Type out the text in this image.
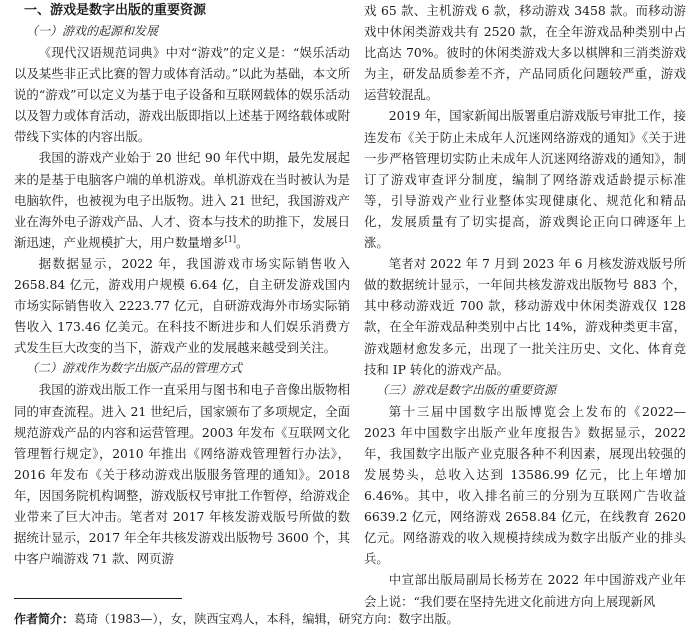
一、游戏是数字出版的重要资源
（一）游戏的起源和发展

《现代汉语规范词典》中对“游戏”的定义是：“娱乐活动以及某些非正式比赛的智力或体育活动。”以此为基础，本文所说的“游戏”可以定义为基于电子设备和互联网载体的娱乐活动以及智力或体育活动，游戏出版即指以上述基于网络载体或附带线下实体的内容出版。

我国的游戏产业始于 20 世纪 90 年代中期，最先发展起来的是基于电脑客户端的单机游戏。单机游戏在当时被认为是电脑软件，也被视为电子出版物。进入 21 世纪，我国游戏产业在海外电子游戏产品、人才、资本与技术的助推下，发展日渐迅速，产业规模扩大，用户数量增多[1]。

据数据显示，2022 年，我国游戏市场实际销售收入 2658.84 亿元，游戏用户规模 6.64 亿，自主研发游戏国内市场实际销售收入 2223.77 亿元，自研游戏海外市场实际销售收入 173.46 亿美元。在科技不断进步和人们娱乐消费方式发生巨大改变的当下，游戏产业的发展越来越受到关注。

（二）游戏作为数字出版产品的管理方式

我国的游戏出版工作一直采用与图书和电子音像出版物相同的审查流程。进入 21 世纪后，国家颁布了多项规定，全面规范游戏产品的内容和运营管理。2003 年发布《互联网文化管理暂行规定》，2010 年推出《网络游戏管理暂行办法》，2016 年发布《关于移动游戏出版服务管理的通知》。2018 年，因国务院机构调整，游戏版权号审批工作暂停，给游戏企业带来了巨大冲击。笔者对 2017 年核发游戏版号所做的数据统计显示，2017 年全年共核发游戏出版物号 3600 个，其中客户端游戏 71 款、网页游

戏 65 款、主机游戏 6 款，移动游戏 3458 款。而移动游戏中休闲类游戏共有 2520 款，在全年游戏品种类别中占比高达 70%。彼时的休闲类游戏大多以棋牌和三消类游戏为主，研发品质参差不齐，产品同质化问题较严重，游戏运营较混乱。

2019 年，国家新闻出版署重启游戏版号审批工作，接连发布《关于防止未成年人沉迷网络游戏的通知》《关于进一步严格管理切实防止未成年人沉迷网络游戏的通知》，制订了游戏审查评分制度，编制了网络游戏适龄提示标准等，引导游戏产业行业整体实现健康化、规范化和精品化，发展质量有了切实提高，游戏舆论正向口碑逐年上涨。

笔者对 2022 年 7 月到 2023 年 6 月核发游戏版号所做的数据统计显示，一年间共核发游戏出版物号 883 个，其中移动游戏近 700 款，移动游戏中休闲类游戏仅 128 款，在全年游戏品种类别中占比 14%，游戏种类更丰富，游戏题材愈发多元，出现了一批关注历史、文化、体育竞技和 IP 转化的游戏产品。

（三）游戏是数字出版的重要资源

第十三届中国数字出版博览会上发布的《2022—2023 年中国数字出版产业年度报告》数据显示，2022 年，我国数字出版产业克服各种不利因素，展现出较强的发展势头，总收入达到 13586.99 亿元，比上年增加 6.46%。其中，收入排名前三的分别为互联网广告收益 6639.2 亿元，网络游戏 2658.84 亿元，在线教育 2620 亿元。网络游戏的收入规模持续成为数字出版产业的排头兵。

中宣部出版局副局长杨芳在 2022 年中国游戏产业年会上说：“我们要在坚持先进文化前进方向上展现新风

作者简介：葛琦（1983—），女，陕西宝鸡人，本科，编辑，研究方向：数字出版。
